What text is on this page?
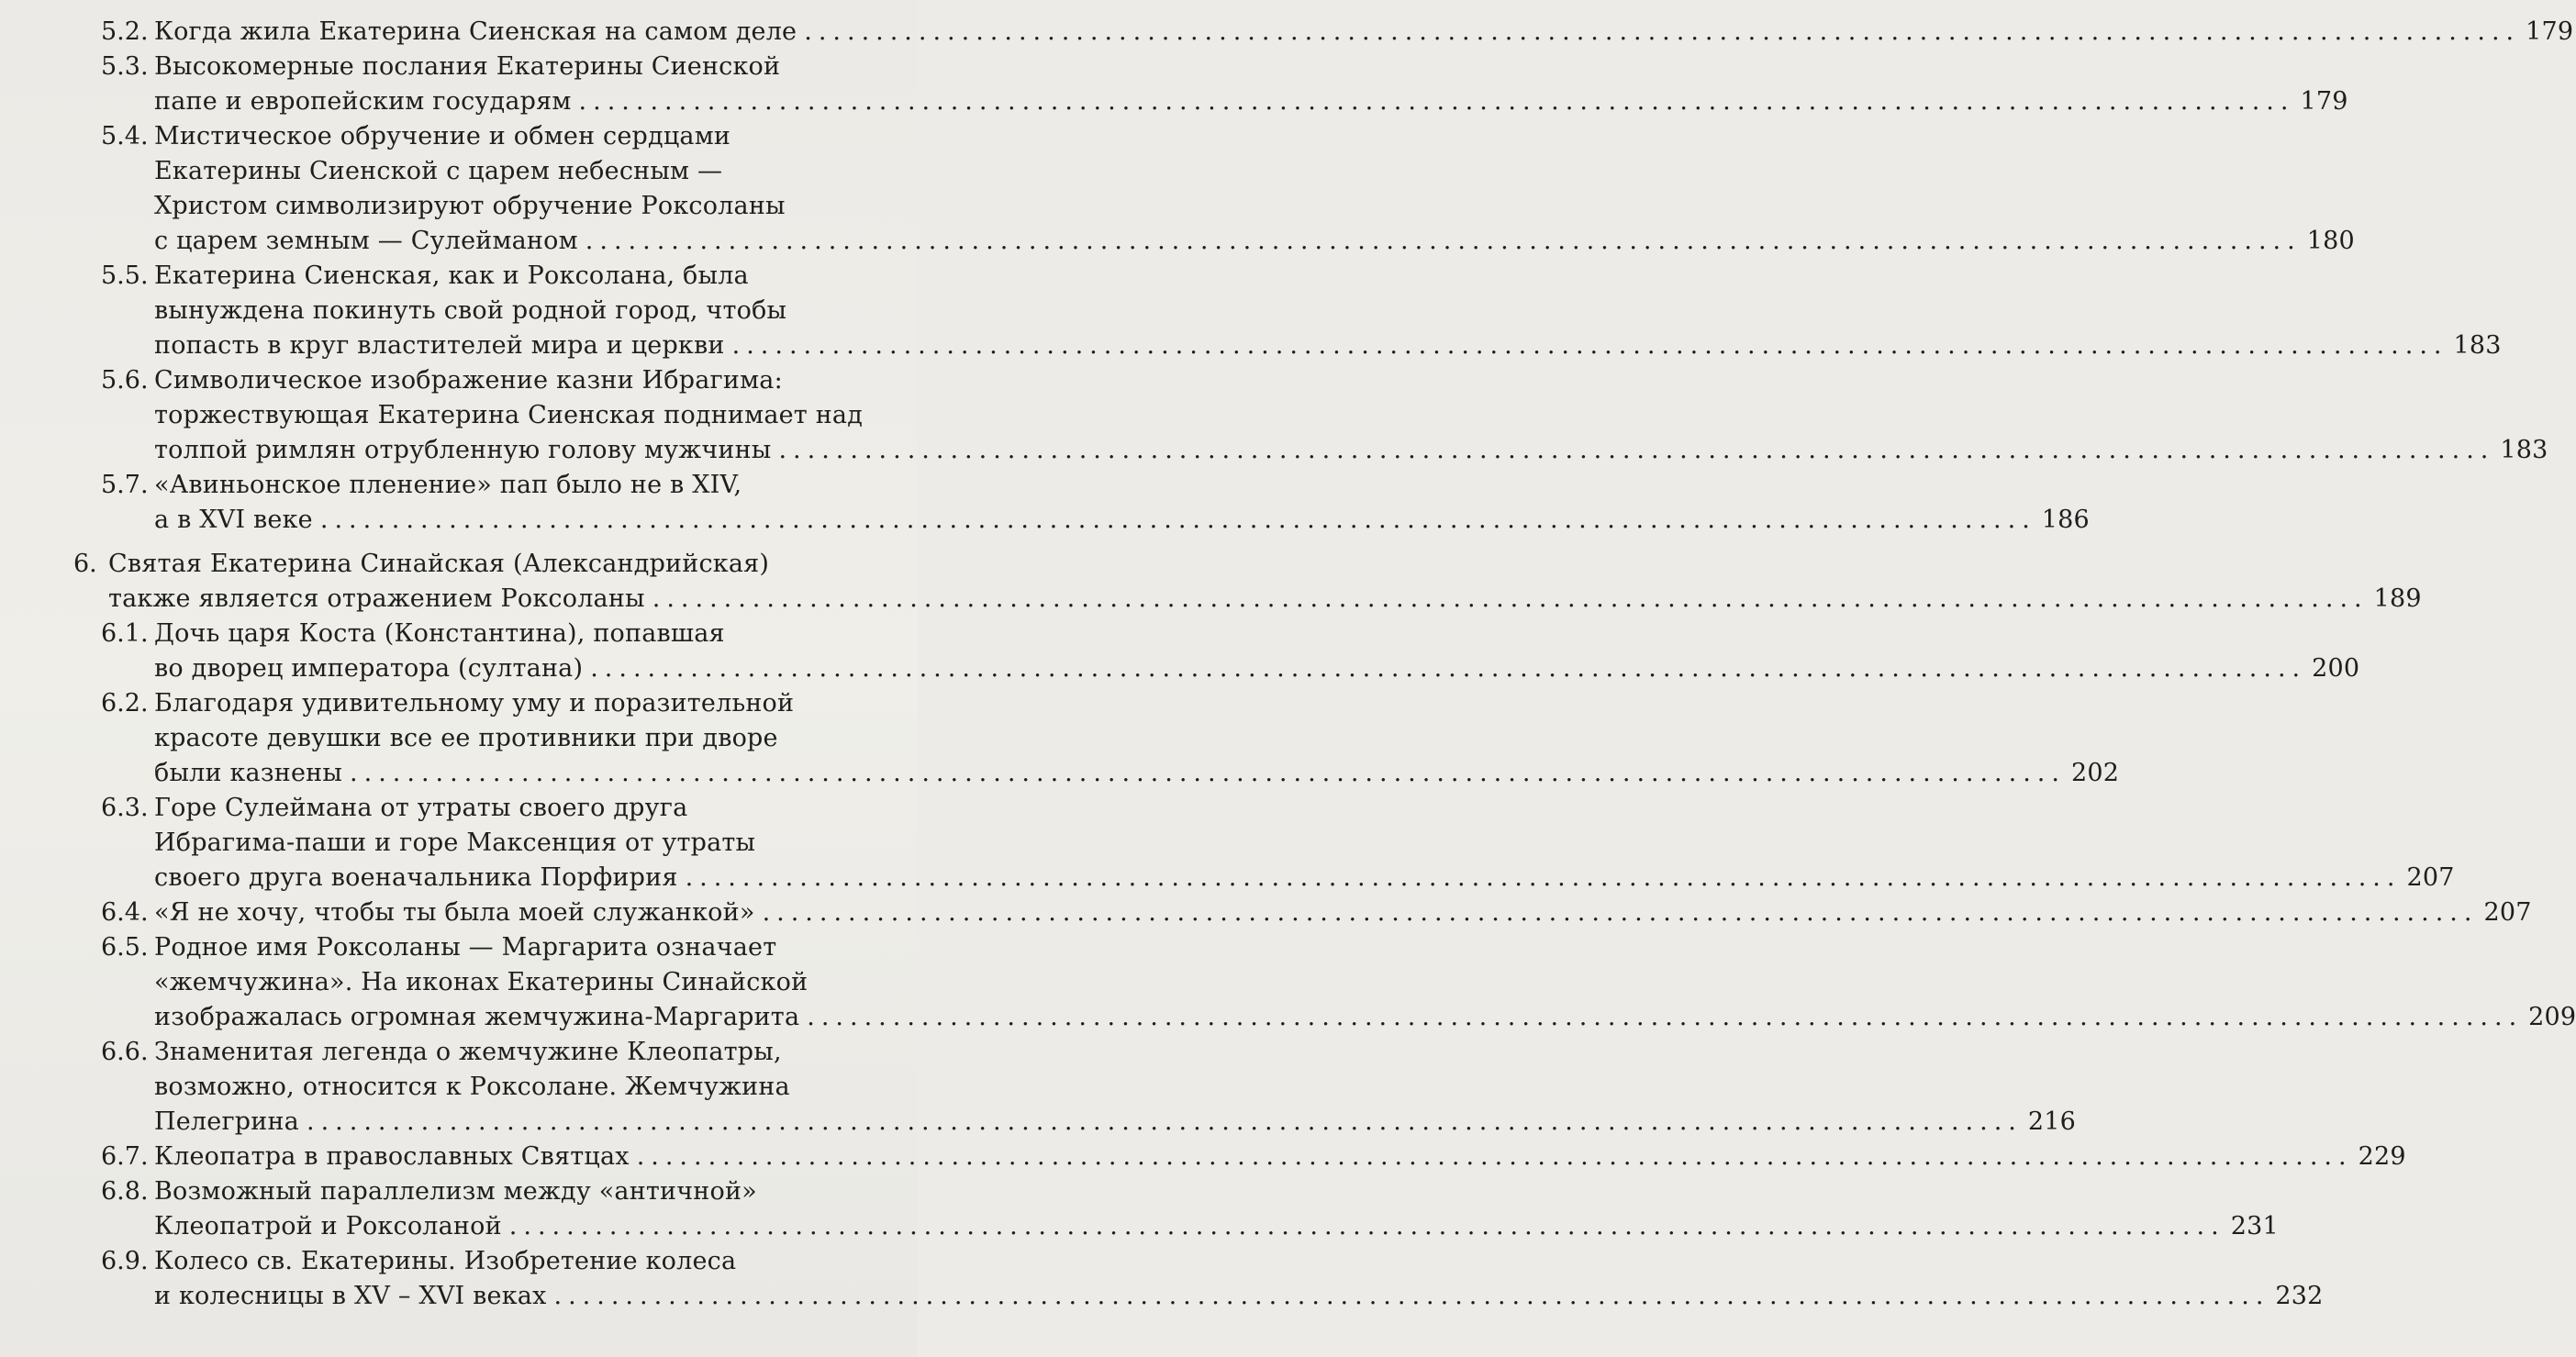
5.2. Когда жила Екатерина Сиенская на самом деле ........................................................................................................................ 179
5.3. Высокомерные послания Екатерины Сиенской
папе и европейским государям ........................................................................................................................ 179
5.4. Мистическое обручение и обмен сердцами
Екатерины Сиенской с царем небесным —
Христом символизируют обручение Роксоланы
с царем земным — Сулейманом ........................................................................................................................ 180
5.5. Екатерина Сиенская, как и Роксолана, была
вынуждена покинуть свой родной город, чтобы
попасть в круг властителей мира и церкви ........................................................................................................................ 183
5.6. Символическое изображение казни Ибрагима:
торжествующая Екатерина Сиенская поднимает над
толпой римлян отрубленную голову мужчины ........................................................................................................................ 183
5.7. «Авиньонское пленение» пап было не в XIV,
а в XVI веке ........................................................................................................................ 186
6. Святая Екатерина Синайская (Александрийская)
также является отражением Роксоланы ........................................................................................................................ 189
6.1. Дочь царя Коста (Константина), попавшая
во дворец императора (султана) ........................................................................................................................ 200
6.2. Благодаря удивительному уму и поразительной
красоте девушки все ее противники при дворе
были казнены ........................................................................................................................ 202
6.3. Горе Сулеймана от утраты своего друга
Ибрагима-паши и горе Максенция от утраты
своего друга военачальника Порфирия ........................................................................................................................ 207
6.4. «Я не хочу, чтобы ты была моей служанкой» ........................................................................................................................ 207
6.5. Родное имя Роксоланы — Маргарита означает
«жемчужина». На иконах Екатерины Синайской
изображалась огромная жемчужина-Маргарита ........................................................................................................................ 209
6.6. Знаменитая легенда о жемчужине Клеопатры,
возможно, относится к Роксолане. Жемчужина
Пелегрина ........................................................................................................................ 216
6.7. Клеопатра в православных Святцах ........................................................................................................................ 229
6.8. Возможный параллелизм между «античной»
Клеопатрой и Роксоланой ........................................................................................................................ 231
6.9. Колесо св. Екатерины. Изобретение колеса
и колесницы в XV – XVI веках ........................................................................................................................ 232
